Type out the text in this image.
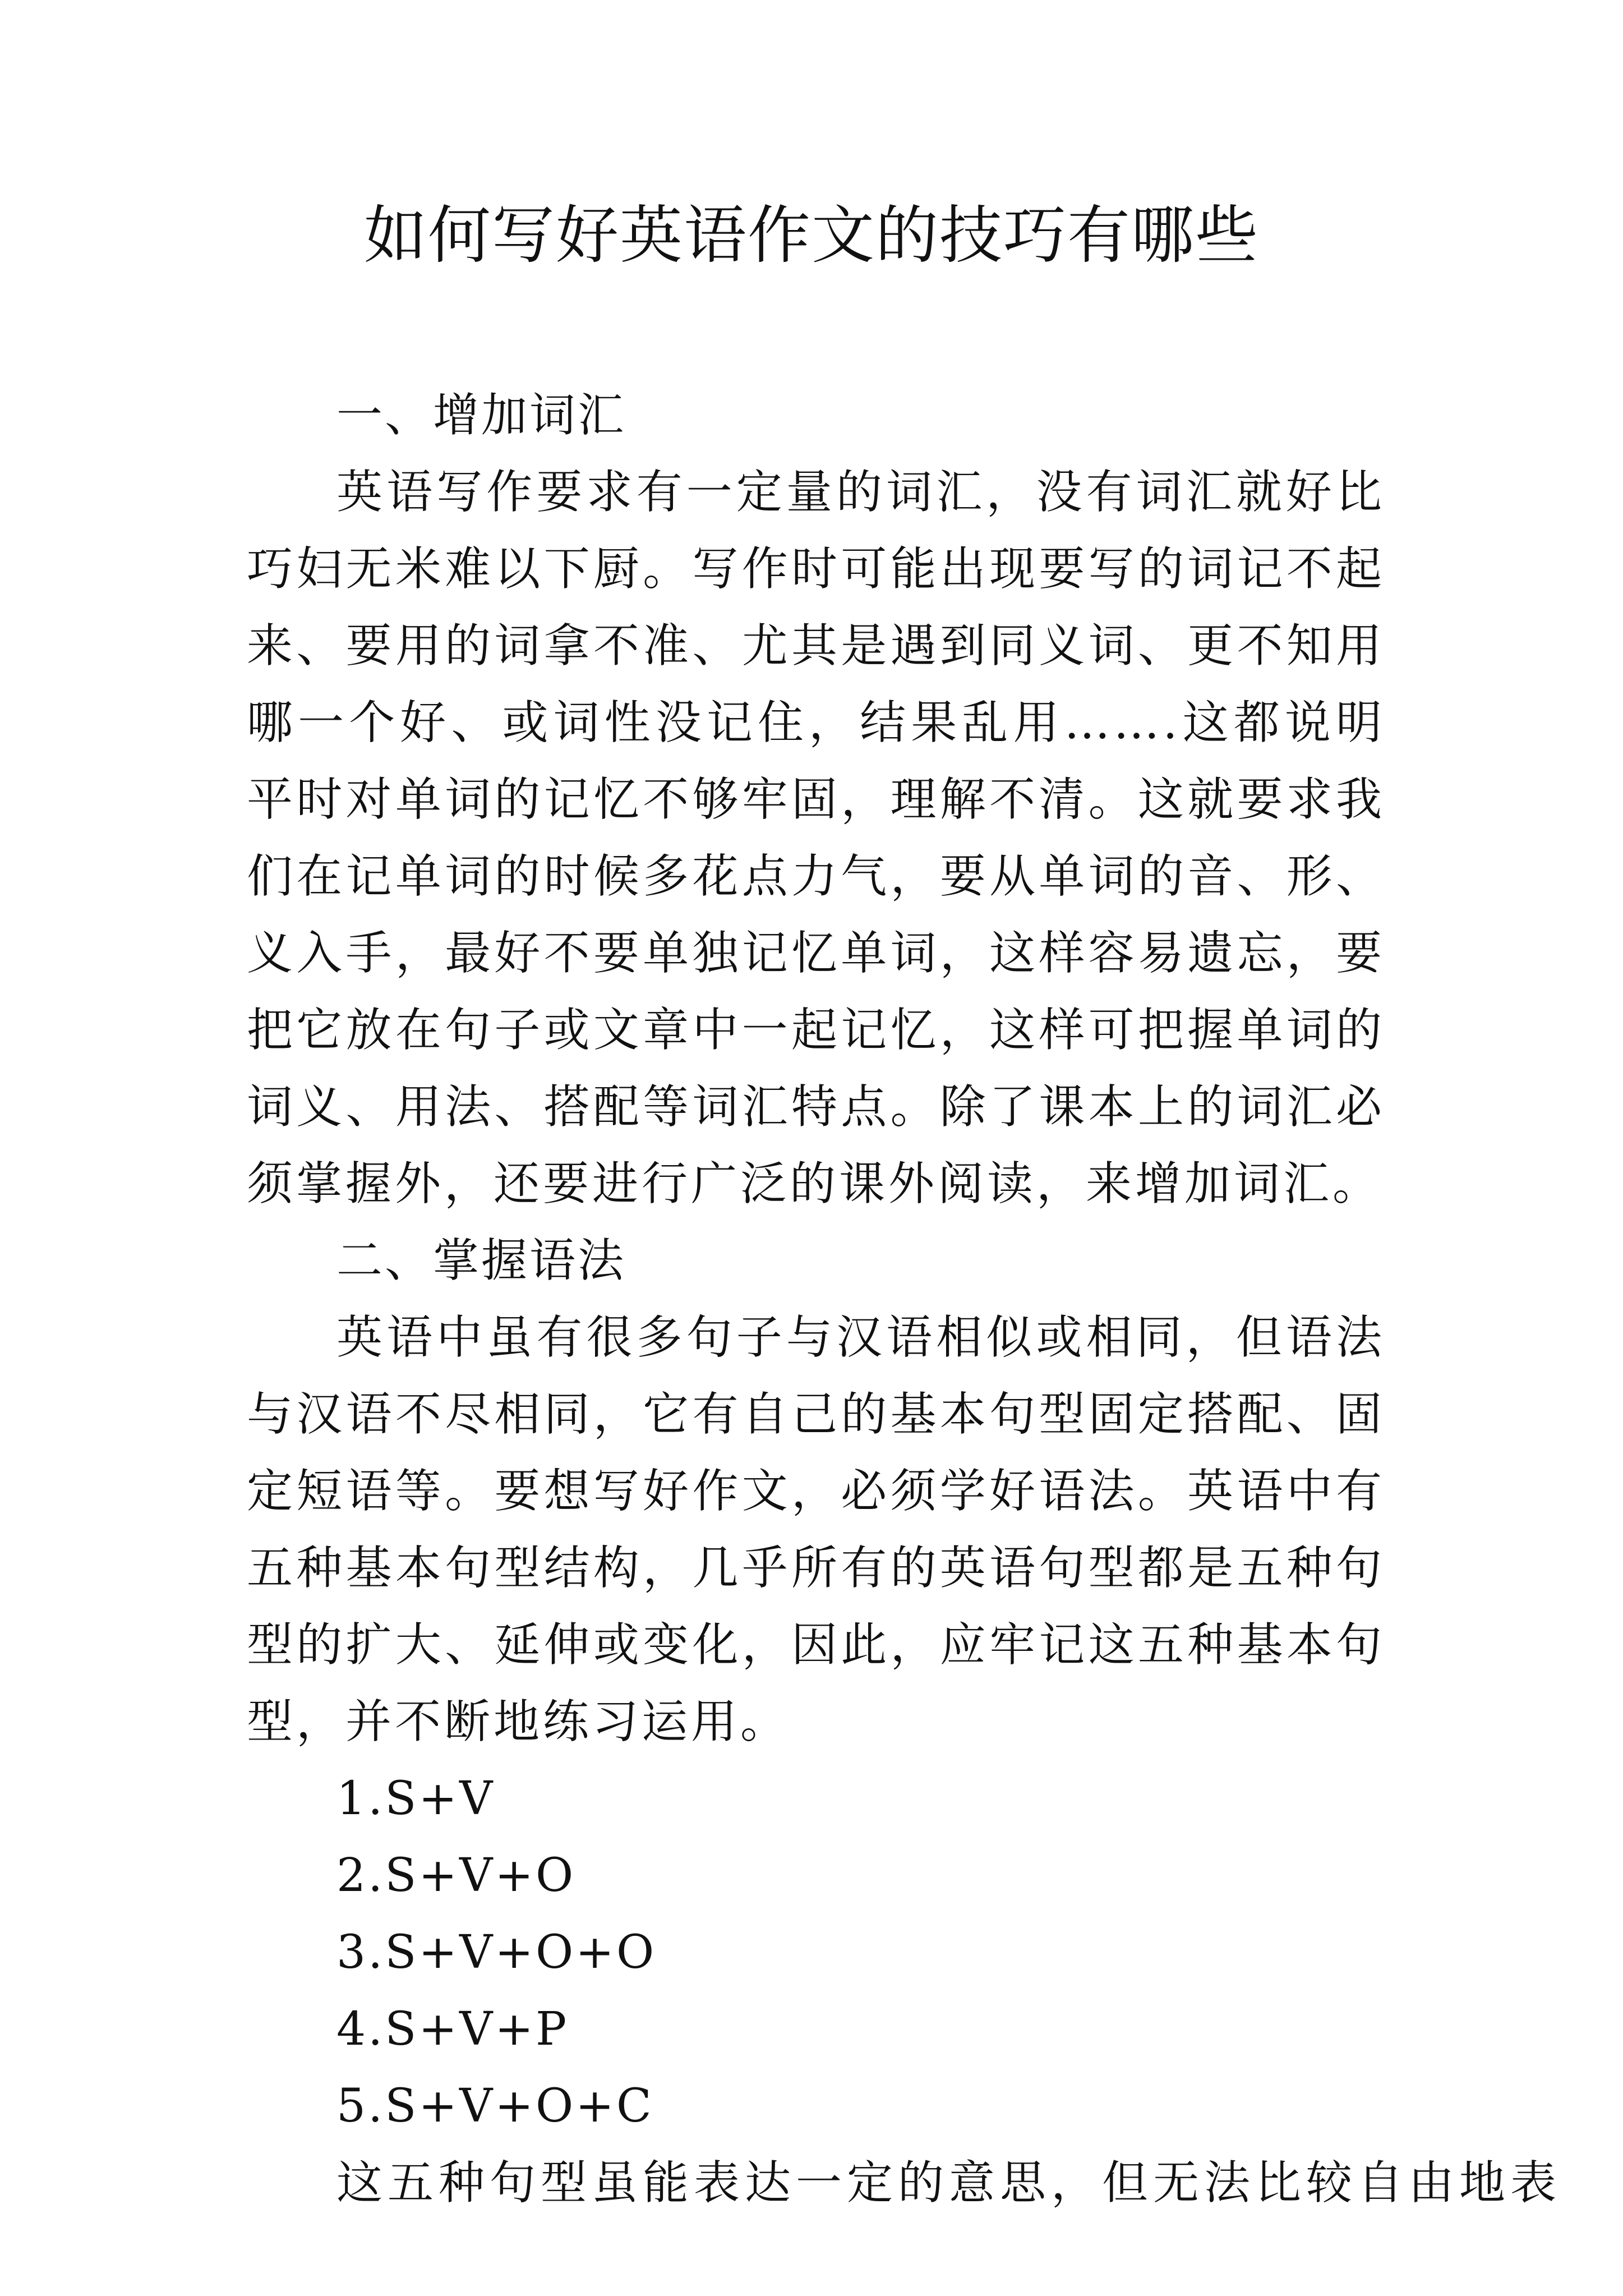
如何写好英语作文的技巧有哪些

一、增加词汇

英语写作要求有一定量的词汇，没有词汇就好比巧妇无米难以下厨。写作时可能出现要写的词记不起来、要用的词拿不准、尤其是遇到同义词、更不知用哪一个好、或词性没记住，结果乱用…….这都说明平时对单词的记忆不够牢固，理解不清。这就要求我们在记单词的时候多花点力气，要从单词的音、形、义入手，最好不要单独记忆单词，这样容易遗忘，要把它放在句子或文章中一起记忆，这样可把握单词的词义、用法、搭配等词汇特点。除了课本上的词汇必须掌握外，还要进行广泛的课外阅读，来增加词汇。

二、掌握语法

英语中虽有很多句子与汉语相似或相同，但语法与汉语不尽相同，它有自己的基本句型固定搭配、固定短语等。要想写好作文，必须学好语法。英语中有五种基本句型结构，几乎所有的英语句型都是五种句型的扩大、延伸或变化，因此，应牢记这五种基本句型，并不断地练习运用。

1.S+V

2.S+V+O

3.S+V+O+O

4.S+V+P

5.S+V+O+C

这五种句型虽能表达一定的意思，但无法比较自由地表
